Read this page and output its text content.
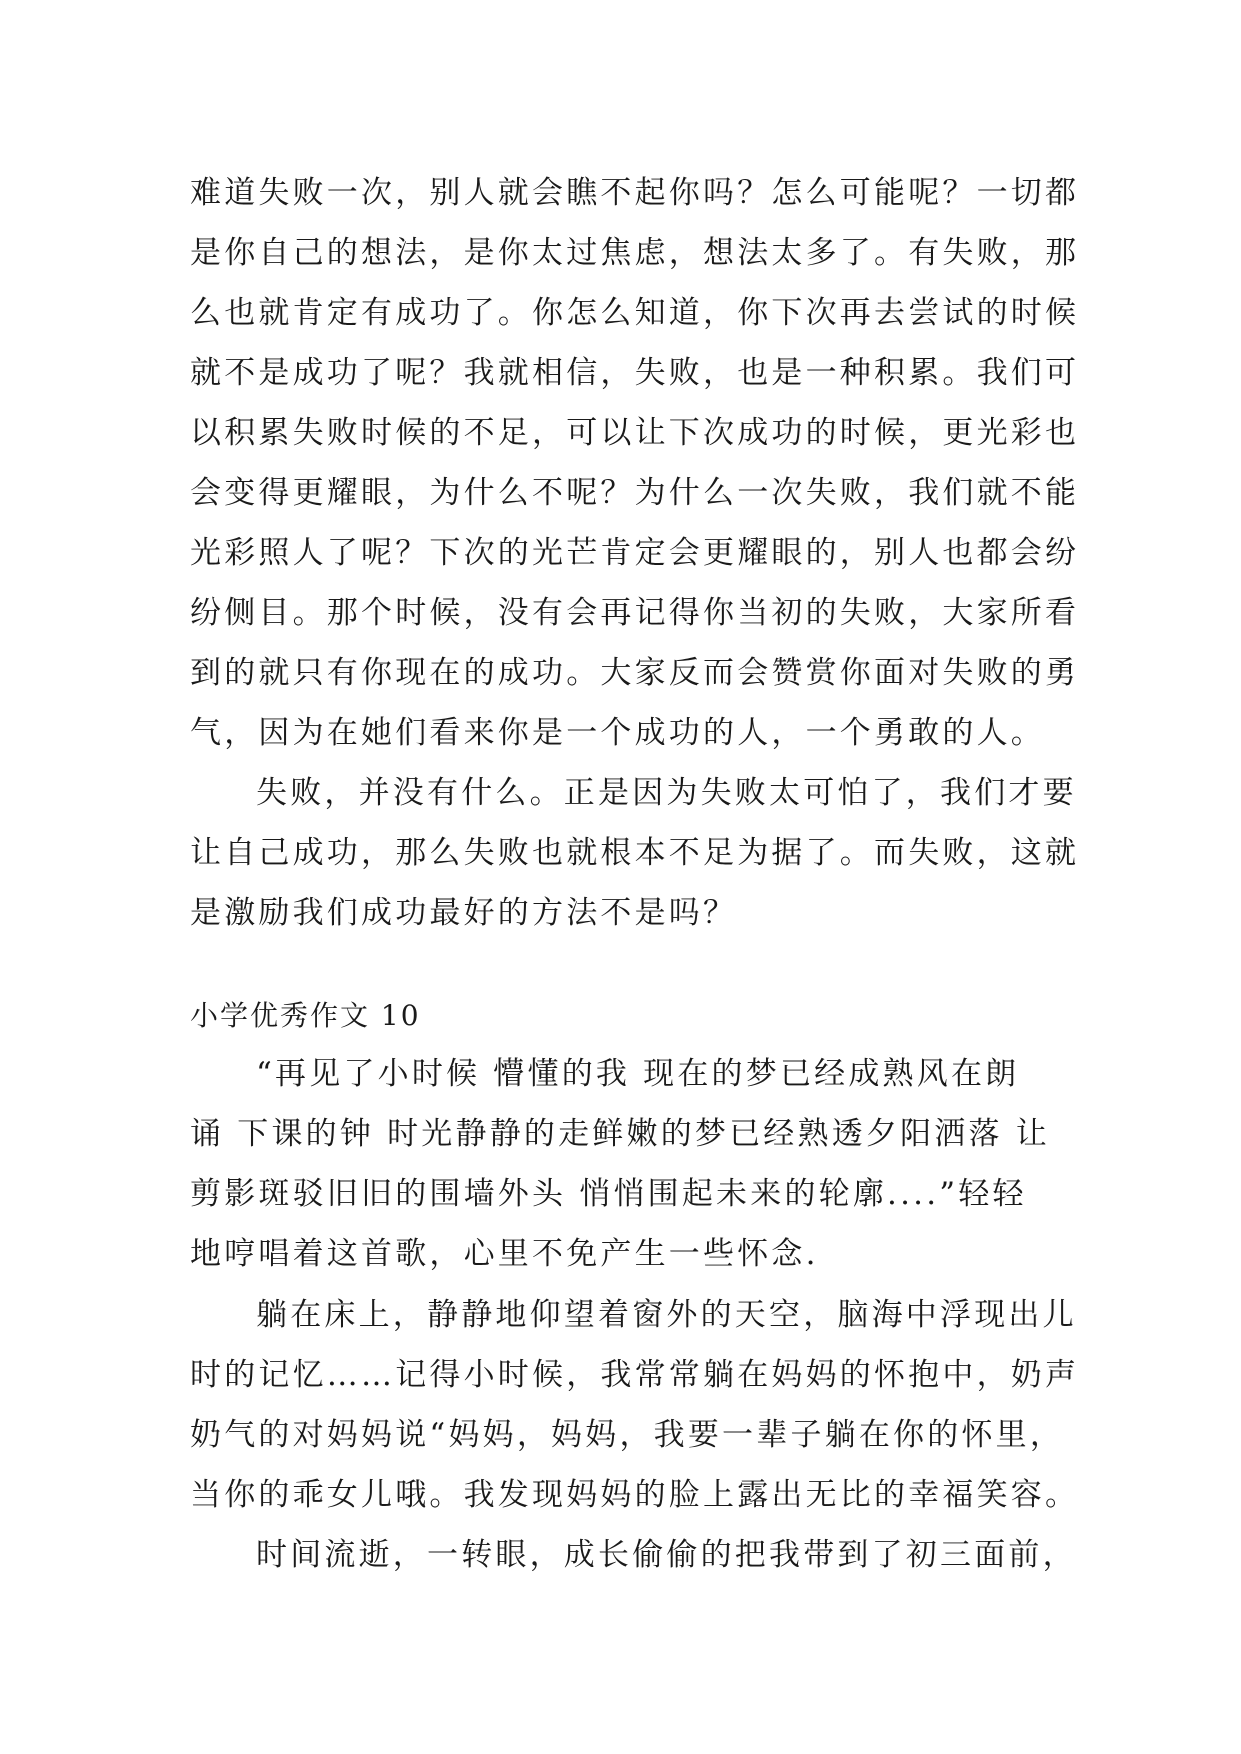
难道失败一次，别人就会瞧不起你吗？怎么可能呢？一切都
是你自己的想法，是你太过焦虑，想法太多了。有失败，那
么也就肯定有成功了。你怎么知道，你下次再去尝试的时候
就不是成功了呢？我就相信，失败，也是一种积累。我们可
以积累失败时候的不足，可以让下次成功的时候，更光彩也
会变得更耀眼，为什么不呢？为什么一次失败，我们就不能
光彩照人了呢？下次的光芒肯定会更耀眼的，别人也都会纷
纷侧目。那个时候，没有会再记得你当初的失败，大家所看
到的就只有你现在的成功。大家反而会赞赏你面对失败的勇
气，因为在她们看来你是一个成功的人，一个勇敢的人。
失败，并没有什么。正是因为失败太可怕了，我们才要
让自己成功，那么失败也就根本不足为据了。而失败，这就
是激励我们成功最好的方法不是吗？
小学优秀作文 10
“再见了小时候 懵懂的我 现在的梦已经成熟风在朗
诵 下课的钟 时光静静的走鲜嫩的梦已经熟透夕阳洒落 让
剪影斑驳旧旧的围墙外头 悄悄围起未来的轮廓....”轻轻
地哼唱着这首歌，心里不免产生一些怀念.
躺在床上，静静地仰望着窗外的天空，脑海中浮现出儿
时的记忆……记得小时候，我常常躺在妈妈的怀抱中，奶声
奶气的对妈妈说“妈妈，妈妈，我要一辈子躺在你的怀里，
当你的乖女儿哦。我发现妈妈的脸上露出无比的幸福笑容。
时间流逝，一转眼，成长偷偷的把我带到了初三面前，
